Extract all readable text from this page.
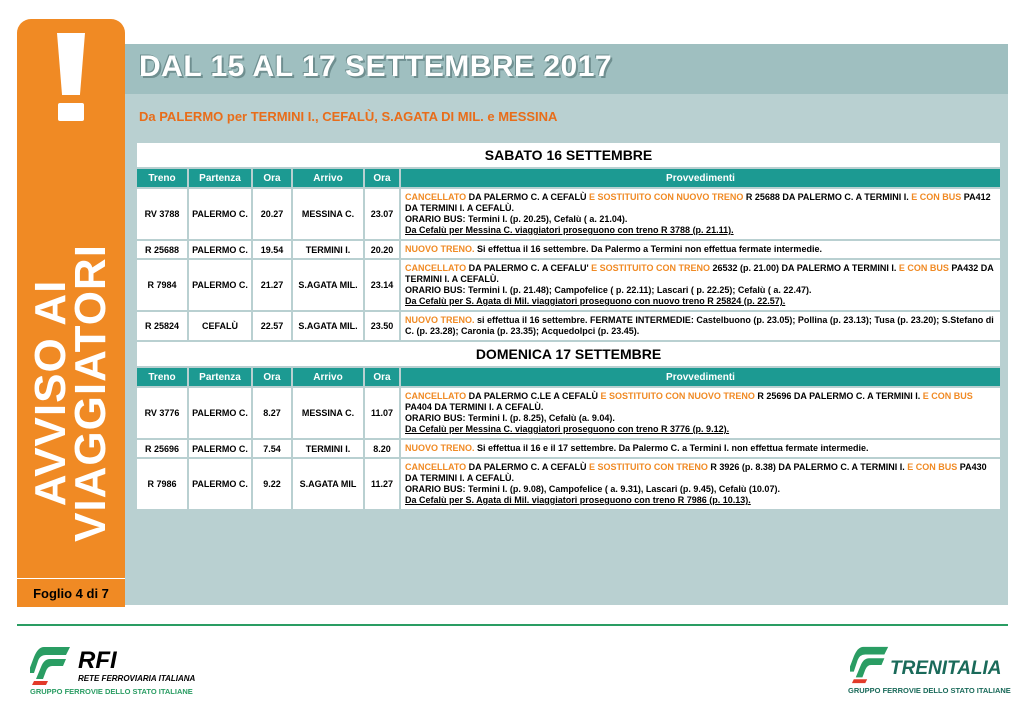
AVVISO AI
VIAGGIATORI
Foglio 4 di 7
DAL 15 AL 17 SETTEMBRE 2017
Da PALERMO per TERMINI I., CEFALÙ, S.AGATA DI MIL. e MESSINA
SABATO 16 SETTEMBRE					
Treno	Partenza	Ora	Arrivo	Ora	Provvedimenti
RV 3788	PALERMO C.	20.27	MESSINA C.	23.07	CANCELLATO DA PALERMO C. A CEFALÙ E SOSTITUITO CON NUOVO TRENO R 25688 DA PALERMO C. A TERMINI I. E CON BUS PA412 DA TERMINI I. A CEFALÙ.
ORARIO BUS: Termini I. (p. 20.25), Cefalù ( a. 21.04).
Da Cefalù per Messina C. viaggiatori proseguono con treno R 3788 (p. 21.11).
R 25688	PALERMO C.	19.54	TERMINI I.	20.20	NUOVO TRENO. Si effettua il 16 settembre. Da Palermo a Termini non effettua fermate intermedie.
R 7984	PALERMO C.	21.27	S.AGATA MIL.	23.14	CANCELLATO DA PALERMO C. A CEFALU' E SOSTITUITO CON TRENO 26532 (p. 21.00) DA PALERMO A TERMINI I. E CON BUS PA432 DA TERMINI I. A CEFALÙ.
ORARIO BUS: Termini I. (p. 21.48); Campofelice ( p. 22.11); Lascari ( p. 22.25); Cefalù ( a. 22.47).
Da Cefalù per S. Agata di Mil. viaggiatori proseguono con nuovo treno R 25824 (p. 22.57).
R 25824	CEFALÙ	22.57	S.AGATA MIL.	23.50	NUOVO TRENO. si effettua il 16 settembre. FERMATE INTERMEDIE: Castelbuono (p. 23.05); Pollina (p. 23.13); Tusa (p. 23.20); S.Stefano di C. (p. 23.28); Caronia (p. 23.35); Acquedolpci (p. 23.45).
DOMENICA 17 SETTEMBRE					
Treno	Partenza	Ora	Arrivo	Ora	Provvedimenti
RV 3776	PALERMO C.	8.27	MESSINA C.	11.07	CANCELLATO DA PALERMO C.LE A CEFALÙ E SOSTITUITO CON NUOVO TRENO R 25696 DA PALERMO C. A TERMINI I. E CON BUS PA404 DA TERMINI I. A CEFALÙ.
ORARIO BUS: Termini I. (p. 8.25), Cefalù (a. 9.04).
Da Cefalù per Messina C. viaggiatori proseguono con treno R 3776 (p. 9.12).
R 25696	PALERMO C.	7.54	TERMINI I.	8.20	NUOVO TRENO. Si effettua il 16 e il 17 settembre. Da Palermo C. a Termini I. non effettua fermate intermedie.
R 7986	PALERMO C.	9.22	S.AGATA MIL	11.27	CANCELLATO DA PALERMO C. A CEFALÙ E SOSTITUITO CON TRENO R 3926 (p. 8.38) DA PALERMO C. A TERMINI I. E CON BUS PA430 DA TERMINI I. A CEFALÙ.
ORARIO BUS: Termini I. (p. 9.08), Campofelice ( a. 9.31), Lascari (p. 9.45), Cefalù (10.07).
Da Cefalù per S. Agata di Mil. viaggiatori proseguono con treno R 7986 (p. 10.13).
RFI
RETE FERROVIARIA ITALIANA
GRUPPO FERROVIE DELLO STATO ITALIANE
TRENITALIA
GRUPPO FERROVIE DELLO STATO ITALIANE
